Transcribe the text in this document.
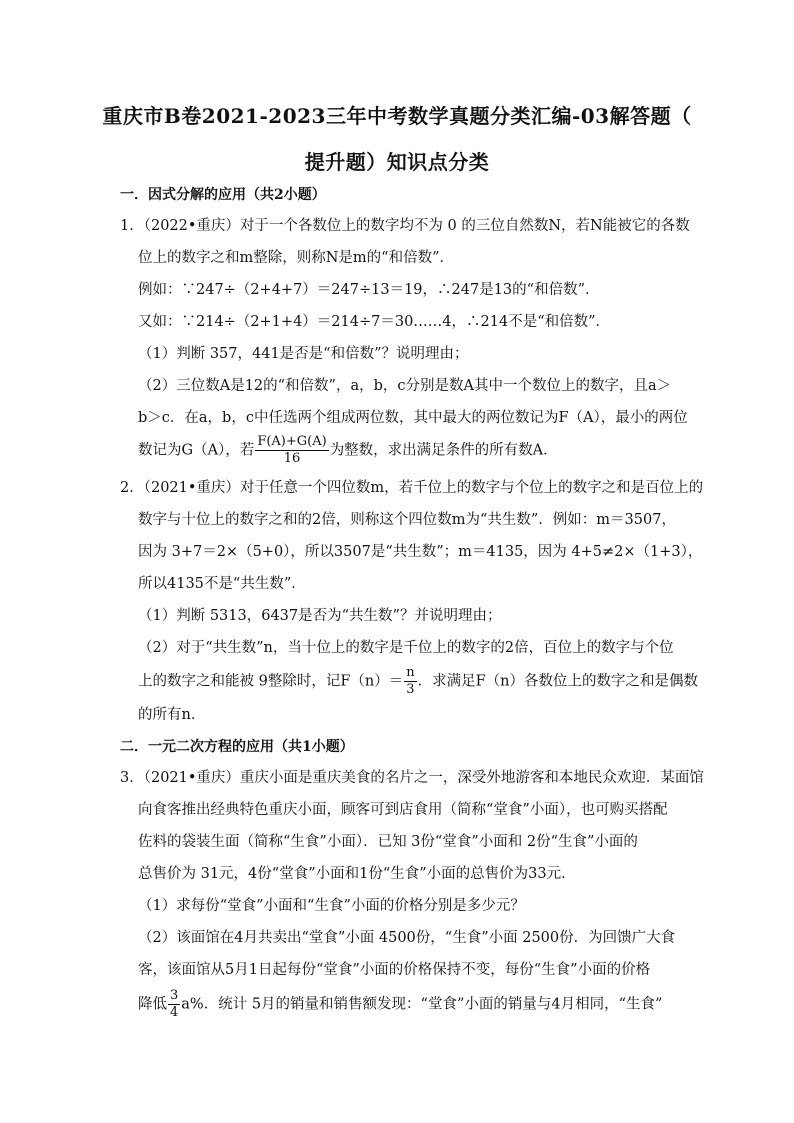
重庆市B卷2021-2023三年中考数学真题分类汇编-03解答题（
提升题）知识点分类
一．因式分解的应用（共2小题）
1．（2022•重庆）对于一个各数位上的数字均不为 0 的三位自然数N，若N能被它的各数
位上的数字之和m整除，则称N是m的“和倍数”．
例如：∵247÷（2+4+7）＝247÷13＝19，∴247是13的“和倍数”．
又如：∵214÷（2+1+4）＝214÷7＝30……4，∴214不是“和倍数”．
（1）判断 357，441是否是“和倍数”？说明理由；
（2）三位数A是12的“和倍数”，a，b，c分别是数A其中一个数位上的数字，且a＞
b＞c．在a，b，c中任选两个组成两位数，其中最大的两位数记为F（A），最小的两位
数记为G（A），若 $\frac{F(A)+G(A)}{16}$ 为整数，求出满足条件的所有数A．
2．（2021•重庆）对于任意一个四位数m，若千位上的数字与个位上的数字之和是百位上的
数字与十位上的数字之和的2倍，则称这个四位数m为“共生数”．例如：m＝3507，
因为 3+7＝2×（5+0），所以3507是“共生数”；m＝4135，因为 4+5≠2×（1+3），
所以4135不是“共生数”．
（1）判断 5313，6437是否为“共生数”？并说明理由；
（2）对于“共生数”n，当十位上的数字是千位上的数字的2倍，百位上的数字与个位
上的数字之和能被 9整除时，记$F(n)= \frac{n}{3}$ ．求满足F（n）各数位上的数字之和是偶数
的所有n．
二．一元二次方程的应用（共1小题）
3．（2021•重庆）重庆小面是重庆美食的名片之一，深受外地游客和本地民众欢迎．某面馆
向食客推出经典特色重庆小面，顾客可到店食用（简称“堂食”小面），也可购买搭配
佐料的袋装生面（简称“生食”小面）．已知 3份“堂食”小面和 2份“生食”小面的
总售价为 31元，4份“堂食”小面和1份“生食”小面的总售价为33元．
（1）求每份“堂食”小面和“生食”小面的价格分别是多少元？
（2）该面馆在4月共卖出“堂食”小面 4500份，“生食”小面 2500份．为回馈广大食
客，该面馆从5月1日起每份“堂食”小面的价格保持不变，每份“生食”小面的价格
降低 $\frac{3}{4} a\%$．统计 5月的销量和销售额发现：“堂食”小面的销量与4月相同，“生食”
